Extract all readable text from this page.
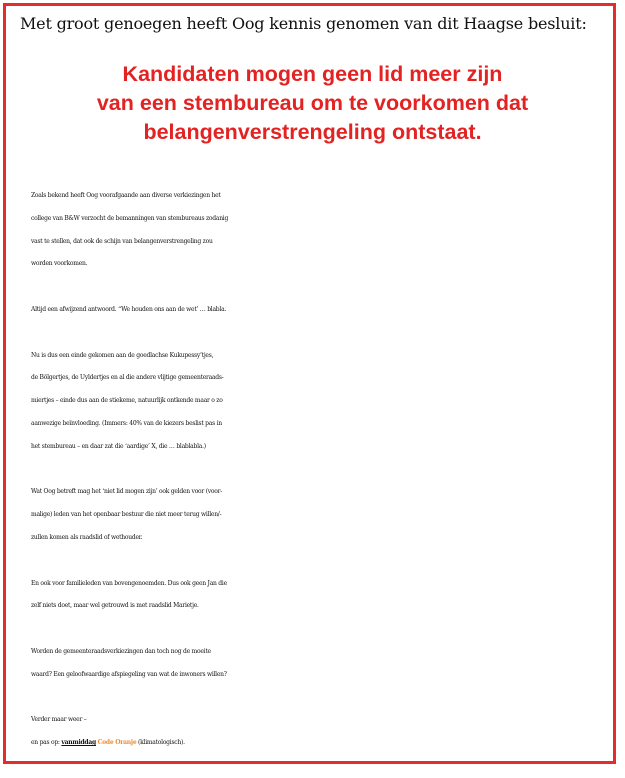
Met groot genoegen heeft Oog kennis genomen van dit Haagse besluit:

Kandidaten mogen geen lid meer zijn
van een stembureau om te voorkomen dat
belangenverstrengeling ontstaat.

Zoals bekend heeft Oog voorafgaande aan diverse verkiezingen het
college van B&W verzocht de bemanningen van stembureaus zodanig
vast te stellen, dat ook de schijn van belangenverstrengeling zou
worden voorkomen.

Altijd een afwijzend antwoord. “We houden ons aan de wet’ … blabla.

Nu is dus een einde gekomen aan de goedlachse Kukupessy’tjes,
de Bölgertjes, de Uyldertjes en al die andere vlijtige gemeenteraads-
miertjes – einde dus aan de stiekeme, natuurlijk ontkende maar o zo
aanwezige beïnvloeding. (Immers: 40% van de kiezers beslist pas in
het stembureau – en daar zat die ‘aardige’ X, die … blablabla.)

Wat Oog betreft mag het ‘niet lid mogen zijn’ ook gelden voor (voor-
malige) leden van het openbaar bestuur die niet meer terug willen/-
zullen komen als raadslid of wethouder.

En ook voor familieleden van bovengenoemden. Dus ook geen Jan die
zelf niets doet, maar wel getrouwd is met raadslid Marietje.

Worden de gemeenteraadsverkiezingen dan toch nog de moeite
waard? Een geloofwaardige afspiegeling van wat de inwoners willen?

Verder maar weer –
en pas op: vanmiddag Code Oranje (klimatologisch).
